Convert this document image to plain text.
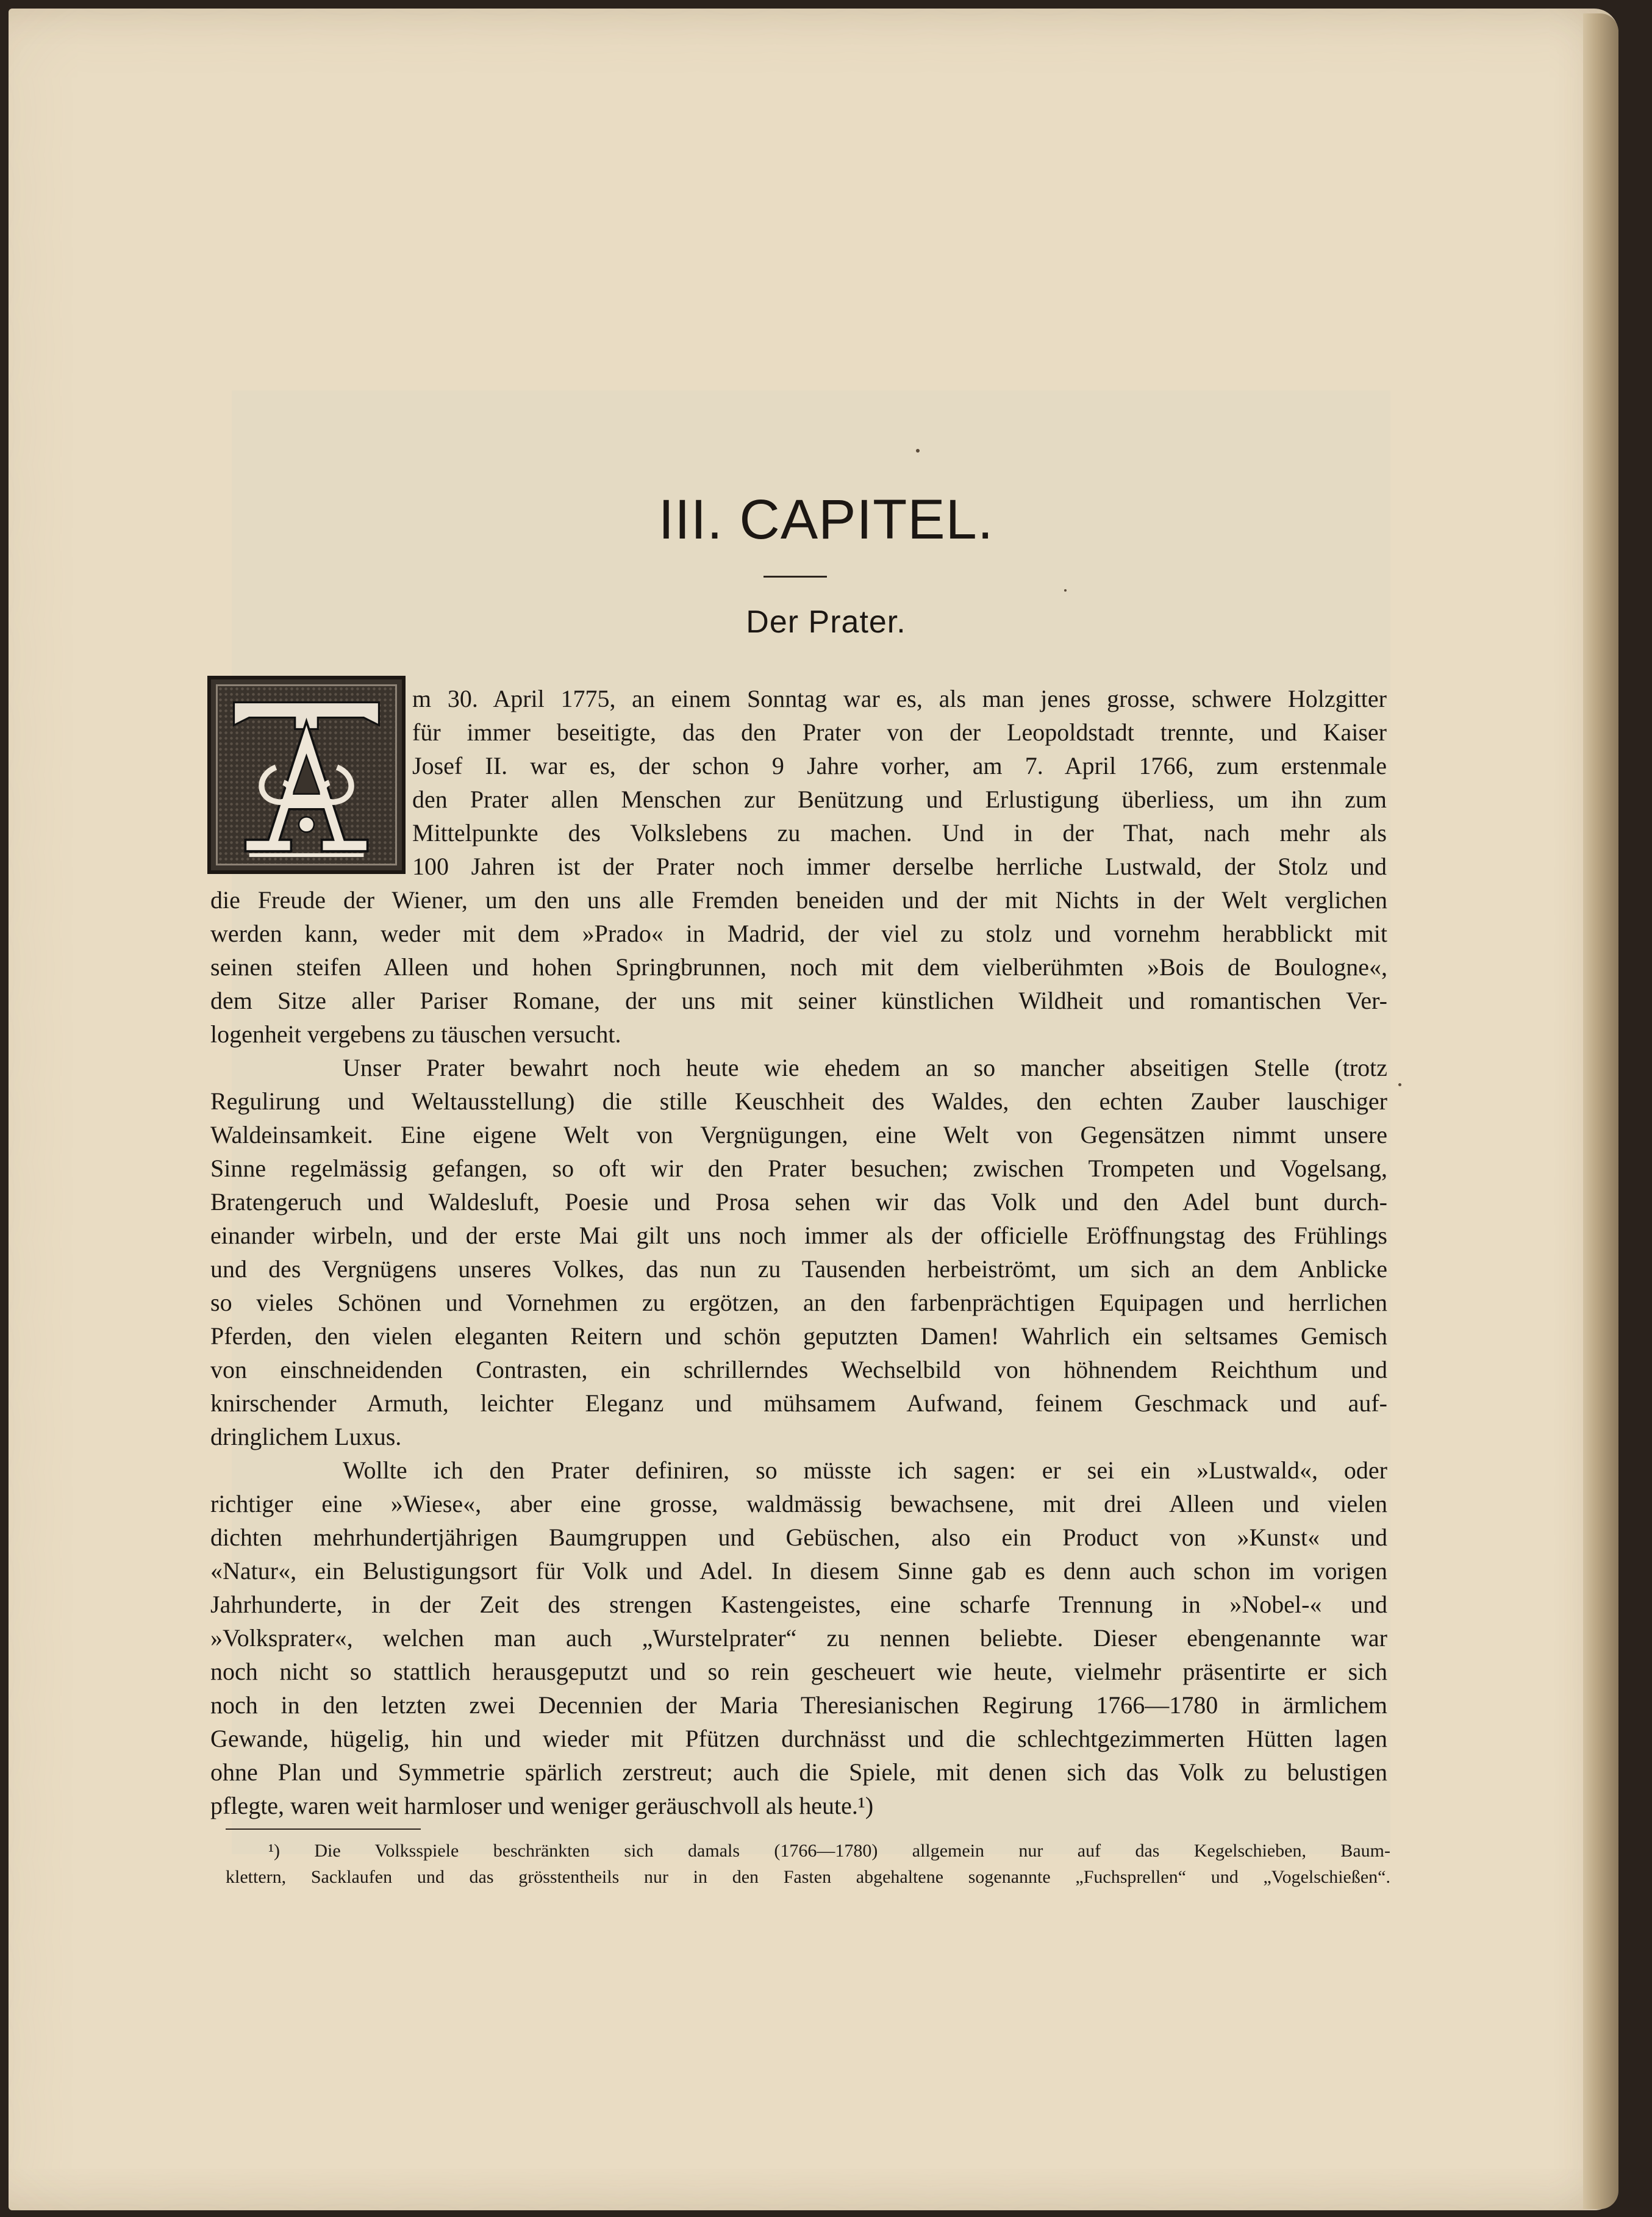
III. CAPITEL.
Der Prater.
m 30. April 1775, an einem Sonntag war es, als man jenes grosse, schwere Holzgitter
für immer beseitigte, das den Prater von der Leopoldstadt trennte, und Kaiser
Josef II. war es, der schon 9 Jahre vorher, am 7. April 1766, zum erstenmale
den Prater allen Menschen zur Benützung und Erlustigung überliess, um ihn zum
Mittelpunkte des Volkslebens zu machen. Und in der That, nach mehr als
100 Jahren ist der Prater noch immer derselbe herrliche Lustwald, der Stolz und
die Freude der Wiener, um den uns alle Fremden beneiden und der mit Nichts in der Welt verglichen
werden kann, weder mit dem »Prado« in Madrid, der viel zu stolz und vornehm herabblickt mit
seinen steifen Alleen und hohen Springbrunnen, noch mit dem vielberühmten »Bois de Boulogne«,
dem Sitze aller Pariser Romane, der uns mit seiner künstlichen Wildheit und romantischen Ver-
logenheit vergebens zu täuschen versucht.
Unser Prater bewahrt noch heute wie ehedem an so mancher abseitigen Stelle (trotz
Regulirung und Weltausstellung) die stille Keuschheit des Waldes, den echten Zauber lauschiger
Waldeinsamkeit. Eine eigene Welt von Vergnügungen, eine Welt von Gegensätzen nimmt unsere
Sinne regelmässig gefangen, so oft wir den Prater besuchen; zwischen Trompeten und Vogelsang,
Bratengeruch und Waldesluft, Poesie und Prosa sehen wir das Volk und den Adel bunt durch-
einander wirbeln, und der erste Mai gilt uns noch immer als der officielle Eröffnungstag des Frühlings
und des Vergnügens unseres Volkes, das nun zu Tausenden herbeiströmt, um sich an dem Anblicke
so vieles Schönen und Vornehmen zu ergötzen, an den farbenprächtigen Equipagen und herrlichen
Pferden, den vielen eleganten Reitern und schön geputzten Damen! Wahrlich ein seltsames Gemisch
von einschneidenden Contrasten, ein schrillerndes Wechselbild von höhnendem Reichthum und
knirschender Armuth, leichter Eleganz und mühsamem Aufwand, feinem Geschmack und auf-
dringlichem Luxus.
Wollte ich den Prater definiren, so müsste ich sagen: er sei ein »Lustwald«, oder
richtiger eine »Wiese«, aber eine grosse, waldmässig bewachsene, mit drei Alleen und vielen
dichten mehrhundertjährigen Baumgruppen und Gebüschen, also ein Product von »Kunst« und
«Natur«, ein Belustigungsort für Volk und Adel. In diesem Sinne gab es denn auch schon im vorigen
Jahrhunderte, in der Zeit des strengen Kastengeistes, eine scharfe Trennung in »Nobel-« und
»Volksprater«, welchen man auch „Wurstelprater“ zu nennen beliebte. Dieser ebengenannte war
noch nicht so stattlich herausgeputzt und so rein gescheuert wie heute, vielmehr präsentirte er sich
noch in den letzten zwei Decennien der Maria Theresianischen Regirung 1766—1780 in ärmlichem
Gewande, hügelig, hin und wieder mit Pfützen durchnässt und die schlechtgezimmerten Hütten lagen
ohne Plan und Symmetrie spärlich zerstreut; auch die Spiele, mit denen sich das Volk zu belustigen
pflegte, waren weit harmloser und weniger geräuschvoll als heute.¹)
¹) Die Volksspiele beschränkten sich damals (1766—1780) allgemein nur auf das Kegelschieben, Baum-
klettern, Sacklaufen und das grösstentheils nur in den Fasten abgehaltene sogenannte „Fuchsprellen“ und „Vogelschießen“.
